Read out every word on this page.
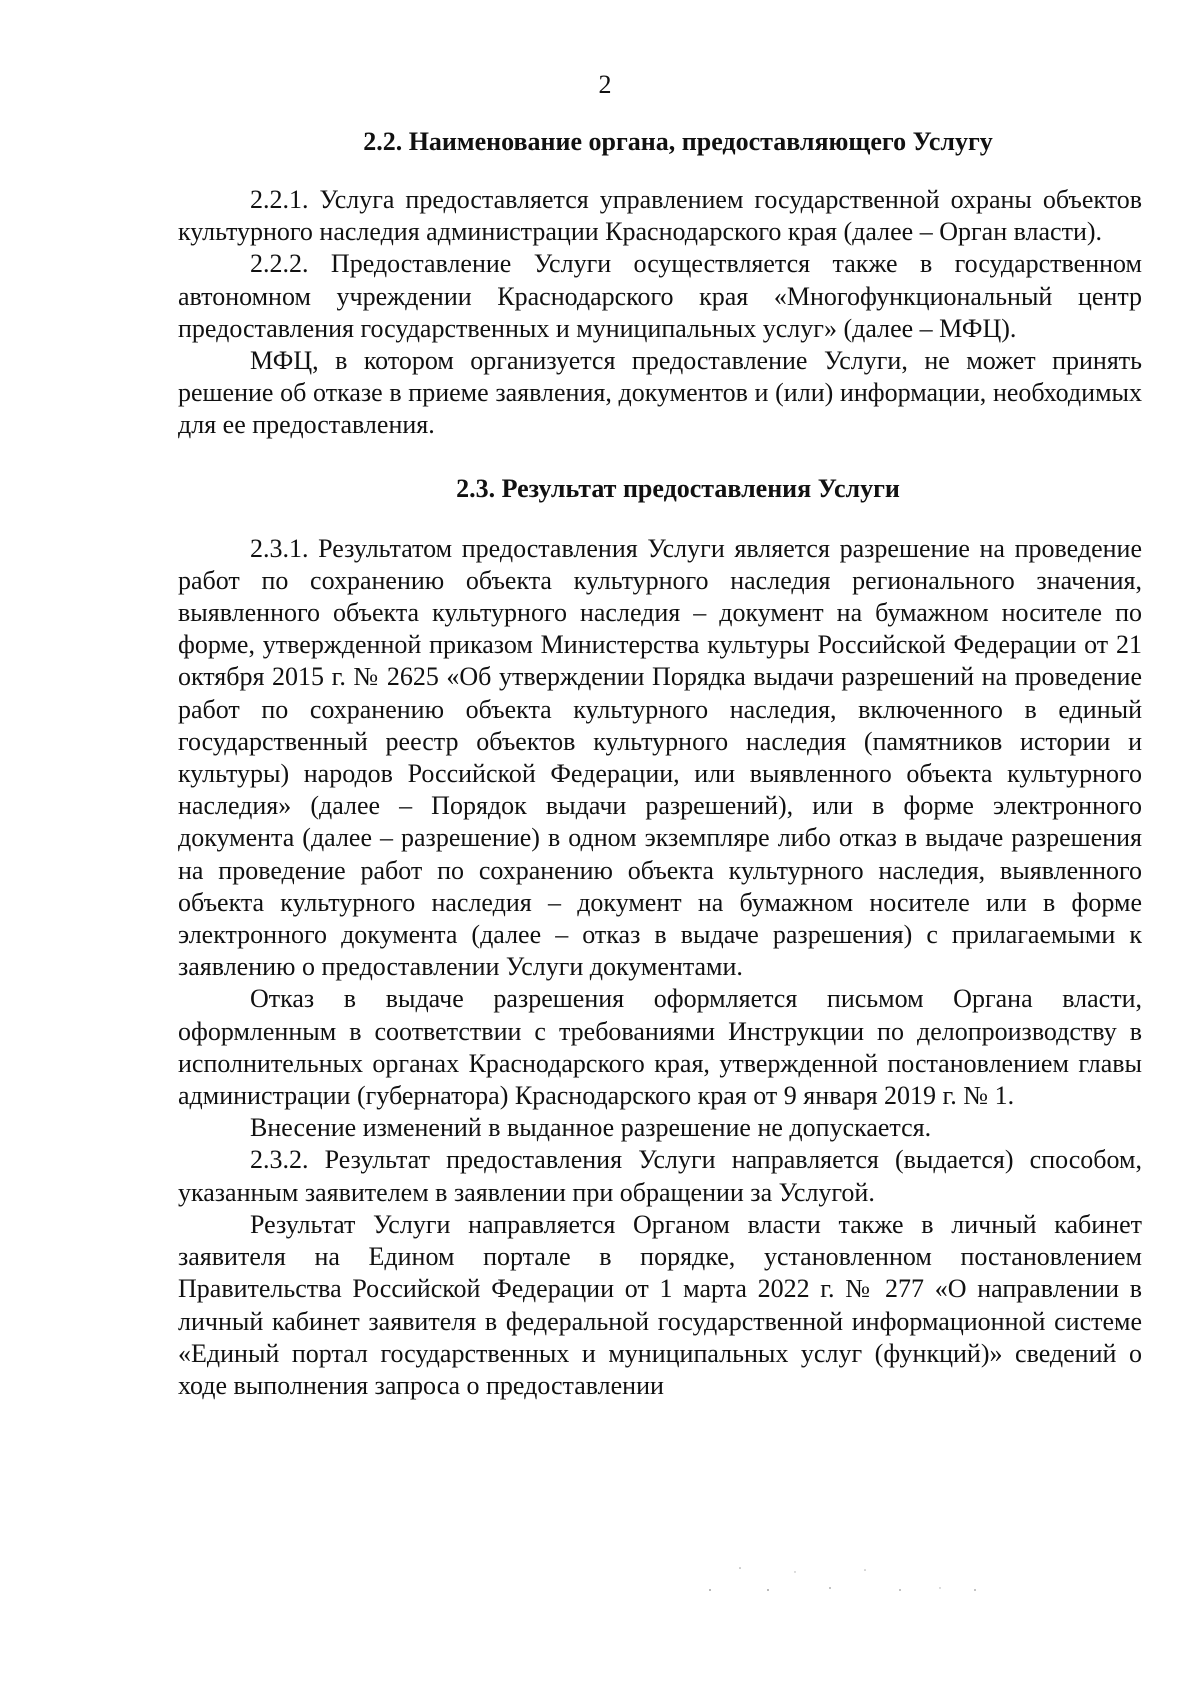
2
2.2. Наименование органа, предоставляющего Услугу

2.2.1. Услуга предоставляется управлением государственной охраны объектов культурного наследия администрации Краснодарского края (далее – Орган власти).

2.2.2. Предоставление Услуги осуществляется также в государственном автономном учреждении Краснодарского края «Многофункциональный центр предоставления государственных и муниципальных услуг» (далее – МФЦ).

МФЦ, в котором организуется предоставление Услуги, не может принять решение об отказе в приеме заявления, документов и (или) информации, необходимых для ее предоставления.

2.3. Результат предоставления Услуги

2.3.1. Результатом предоставления Услуги является разрешение на проведение работ по сохранению объекта культурного наследия регионального значения, выявленного объекта культурного наследия – документ на бумажном носителе по форме, утвержденной приказом Министерства культуры Российской Федерации от 21 октября 2015 г. № 2625 «Об утверждении Порядка выдачи разрешений на проведение работ по сохранению объекта культурного наследия, включенного в единый государственный реестр объектов культурного наследия (памятников истории и культуры) народов Российской Федерации, или выявленного объекта культурного наследия» (далее – Порядок выдачи разрешений), или в форме электронного документа (далее – разрешение) в одном экземпляре либо отказ в выдаче разрешения на проведение работ по сохранению объекта культурного наследия, выявленного объекта культурного наследия – документ на бумажном носителе или в форме электронного документа (далее – отказ в выдаче разрешения) с прилагаемыми к заявлению о предоставлении Услуги документами.

Отказ в выдаче разрешения оформляется письмом Органа власти, оформленным в соответствии с требованиями Инструкции по делопроизводству в исполнительных органах Краснодарского края, утвержденной постановлением главы администрации (губернатора) Краснодарского края от 9 января 2019 г. № 1.

Внесение изменений в выданное разрешение не допускается.

2.3.2. Результат предоставления Услуги направляется (выдается) способом, указанным заявителем в заявлении при обращении за Услугой.

Результат Услуги направляется Органом власти также в личный кабинет заявителя на Едином портале в порядке, установленном постановлением Правительства Российской Федерации от 1 марта 2022 г. № 277 «О направлении в личный кабинет заявителя в федеральной государственной информационной системе «Единый портал государственных и муниципальных услуг (функций)» сведений о ходе выполнения запроса о предоставлении
